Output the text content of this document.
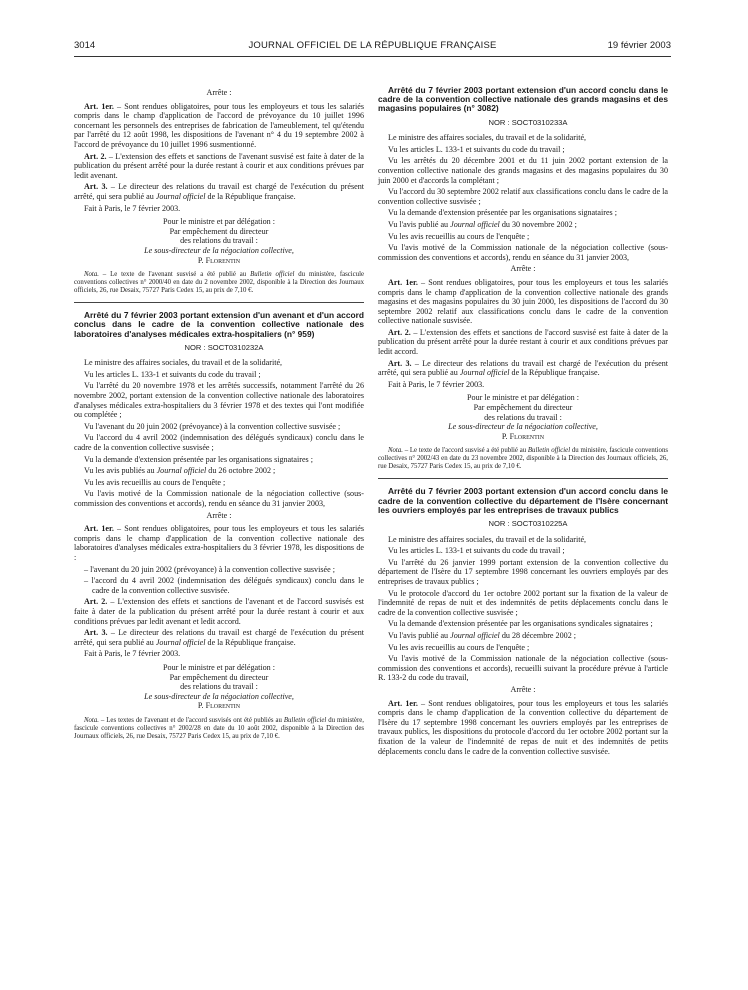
3014	JOURNAL OFFICIEL DE LA RÉPUBLIQUE FRANÇAISE	19 février 2003

Arrête :

Art. 1er. – Sont rendues obligatoires, pour tous les employeurs et tous les salariés compris dans le champ d'application de l'accord de prévoyance du 10 juillet 1996 concernant les personnels des entreprises de fabrication de l'ameublement, tel qu'étendu par l'arrêté du 12 août 1998, les dispositions de l'avenant n° 4 du 19 septembre 2002 à l'accord de prévoyance du 10 juillet 1996 susmentionné.

Art. 2. – L'extension des effets et sanctions de l'avenant susvisé est faite à dater de la publication du présent arrêté pour la durée restant à courir et aux conditions prévues par ledit avenant.

Art. 3. – Le directeur des relations du travail est chargé de l'exécution du présent arrêté, qui sera publié au Journal officiel de la République française.

Fait à Paris, le 7 février 2003.

Pour le ministre et par délégation :

Par empêchement du directeur

des relations du travail :

Le sous-directeur de la négociation collective,

P. Florentin

Nota. – Le texte de l'avenant susvisé a été publié au Bulletin officiel du ministère, fascicule conventions collectives n° 2000/40 en date du 2 novembre 2002, disponible à la Direction des Journaux officiels, 26, rue Desaix, 75727 Paris Cedex 15, au prix de 7,10 €.

Arrêté du 7 février 2003 portant extension d'un avenant et d'un accord conclus dans le cadre de la convention collective nationale des laboratoires d'analyses médicales extra-hospitaliers (n° 959)

NOR : SOCT0310232A

Le ministre des affaires sociales, du travail et de la solidarité,

Vu les articles L. 133-1 et suivants du code du travail ;

Vu l'arrêté du 20 novembre 1978 et les arrêtés successifs, notamment l'arrêté du 26 novembre 2002, portant extension de la convention collective nationale des laboratoires d'analyses médicales extra-hospitaliers du 3 février 1978 et des textes qui l'ont modifiée ou complétée ;

Vu l'avenant du 20 juin 2002 (prévoyance) à la convention collective susvisée ;

Vu l'accord du 4 avril 2002 (indemnisation des délégués syndicaux) conclu dans le cadre de la convention collective susvisée ;

Vu la demande d'extension présentée par les organisations signataires ;

Vu les avis publiés au Journal officiel du 26 octobre 2002 ;

Vu les avis recueillis au cours de l'enquête ;

Vu l'avis motivé de la Commission nationale de la négociation collective (sous-commission des conventions et accords), rendu en séance du 31 janvier 2003,

Arrête :

Art. 1er. – Sont rendues obligatoires, pour tous les employeurs et tous les salariés compris dans le champ d'application de la convention collective nationale des laboratoires d'analyses médicales extra-hospitaliers du 3 février 1978, les dispositions de :

– l'avenant du 20 juin 2002 (prévoyance) à la convention collective susvisée ;

– l'accord du 4 avril 2002 (indemnisation des délégués syndicaux) conclu dans le cadre de la convention collective susvisée.

Art. 2. – L'extension des effets et sanctions de l'avenant et de l'accord susvisés est faite à dater de la publication du présent arrêté pour la durée restant à courir et aux conditions prévues par ledit avenant et ledit accord.

Art. 3. – Le directeur des relations du travail est chargé de l'exécution du présent arrêté, qui sera publié au Journal officiel de la République française.

Fait à Paris, le 7 février 2003.

Pour le ministre et par délégation :

Par empêchement du directeur

des relations du travail :

Le sous-directeur de la négociation collective,

P. Florentin

Nota. – Les textes de l'avenant et de l'accord susvisés ont été publiés au Bulletin officiel du ministère, fascicule conventions collectives n° 2002/28 en date du 10 août 2002, disponible à la Direction des Journaux officiels, 26, rue Desaix, 75727 Paris Cedex 15, au prix de 7,10 €.

Arrêté du 7 février 2003 portant extension d'un accord conclu dans le cadre de la convention collective nationale des grands magasins et des magasins populaires (n° 3082)

NOR : SOCT0310233A

Le ministre des affaires sociales, du travail et de la solidarité,

Vu les articles L. 133-1 et suivants du code du travail ;

Vu les arrêtés du 20 décembre 2001 et du 11 juin 2002 portant extension de la convention collective nationale des grands magasins et des magasins populaires du 30 juin 2000 et d'accords la complétant ;

Vu l'accord du 30 septembre 2002 relatif aux classifications conclu dans le cadre de la convention collective susvisée ;

Vu la demande d'extension présentée par les organisations signataires ;

Vu l'avis publié au Journal officiel du 30 novembre 2002 ;

Vu les avis recueillis au cours de l'enquête ;

Vu l'avis motivé de la Commission nationale de la négociation collective (sous-commission des conventions et accords), rendu en séance du 31 janvier 2003,

Arrête :

Art. 1er. – Sont rendues obligatoires, pour tous les employeurs et tous les salariés compris dans le champ d'application de la convention collective nationale des grands magasins et des magasins populaires du 30 juin 2000, les dispositions de l'accord du 30 septembre 2002 relatif aux classifications conclu dans le cadre de la convention collective nationale susvisée.

Art. 2. – L'extension des effets et sanctions de l'accord susvisé est faite à dater de la publication du présent arrêté pour la durée restant à courir et aux conditions prévues par ledit accord.

Art. 3. – Le directeur des relations du travail est chargé de l'exécution du présent arrêté, qui sera publié au Journal officiel de la République française.

Fait à Paris, le 7 février 2003.

Pour le ministre et par délégation :

Par empêchement du directeur

des relations du travail :

Le sous-directeur de la négociation collective,

P. Florentin

Nota. – Le texte de l'accord susvisé a été publié au Bulletin officiel du ministère, fascicule conventions collectives n° 2002/43 en date du 23 novembre 2002, disponible à la Direction des Journaux officiels, 26, rue Desaix, 75727 Paris Cedex 15, au prix de 7,10 €.

Arrêté du 7 février 2003 portant extension d'un accord conclu dans le cadre de la convention collective du département de l'Isère concernant les ouvriers employés par les entreprises de travaux publics

NOR : SOCT0310225A

Le ministre des affaires sociales, du travail et de la solidarité,

Vu les articles L. 133-1 et suivants du code du travail ;

Vu l'arrêté du 26 janvier 1999 portant extension de la convention collective du département de l'Isère du 17 septembre 1998 concernant les ouvriers employés par des entreprises de travaux publics ;

Vu le protocole d'accord du 1er octobre 2002 portant sur la fixation de la valeur de l'indemnité de repas de nuit et des indemnités de petits déplacements conclu dans le cadre de la convention collective susvisée ;

Vu la demande d'extension présentée par les organisations syndicales signataires ;

Vu l'avis publié au Journal officiel du 28 décembre 2002 ;

Vu les avis recueillis au cours de l'enquête ;

Vu l'avis motivé de la Commission nationale de la négociation collective (sous-commission des conventions et accords), recueilli suivant la procédure prévue à l'article R. 133-2 du code du travail,

Arrête :

Art. 1er. – Sont rendues obligatoires, pour tous les employeurs et tous les salariés compris dans le champ d'application de la convention collective du département de l'Isère du 17 septembre 1998 concernant les ouvriers employés par les entreprises de travaux publics, les dispositions du protocole d'accord du 1er octobre 2002 portant sur la fixation de la valeur de l'indemnité de repas de nuit et des indemnités de petits déplacements conclu dans le cadre de la convention collective susvisée.
